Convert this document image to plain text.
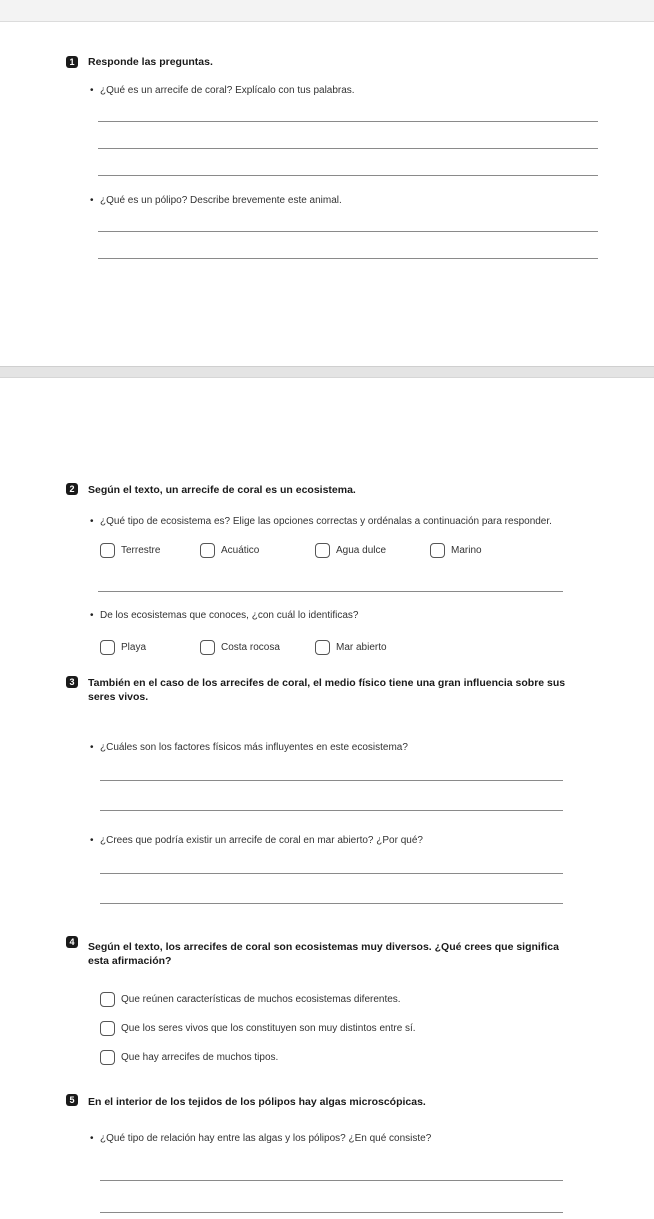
1	Responde las preguntas.
• ¿Qué es un arrecife de coral? Explícalo con tus palabras.
• ¿Qué es un pólipo? Describe brevemente este animal.
2	Según el texto, un arrecife de coral es un ecosistema.
• ¿Qué tipo de ecosistema es? Elige las opciones correctas y ordénalas a continuación para responder.
Terrestre	Acuático	Agua dulce	Marino
• De los ecosistemas que conoces, ¿con cuál lo identificas?
Playa	Costa rocosa	Mar abierto
3	También en el caso de los arrecifes de coral, el medio físico tiene una gran influencia sobre sus
seres vivos.
• ¿Cuáles son los factores físicos más influyentes en este ecosistema?
• ¿Crees que podría existir un arrecife de coral en mar abierto? ¿Por qué?
4	Según el texto, los arrecifes de coral son ecosistemas muy diversos. ¿Qué crees que significa
esta afirmación?
Que reúnen características de muchos ecosistemas diferentes.
Que los seres vivos que los constituyen son muy distintos entre sí.
Que hay arrecifes de muchos tipos.
5	En el interior de los tejidos de los pólipos hay algas microscópicas.
• ¿Qué tipo de relación hay entre las algas y los pólipos? ¿En qué consiste?
